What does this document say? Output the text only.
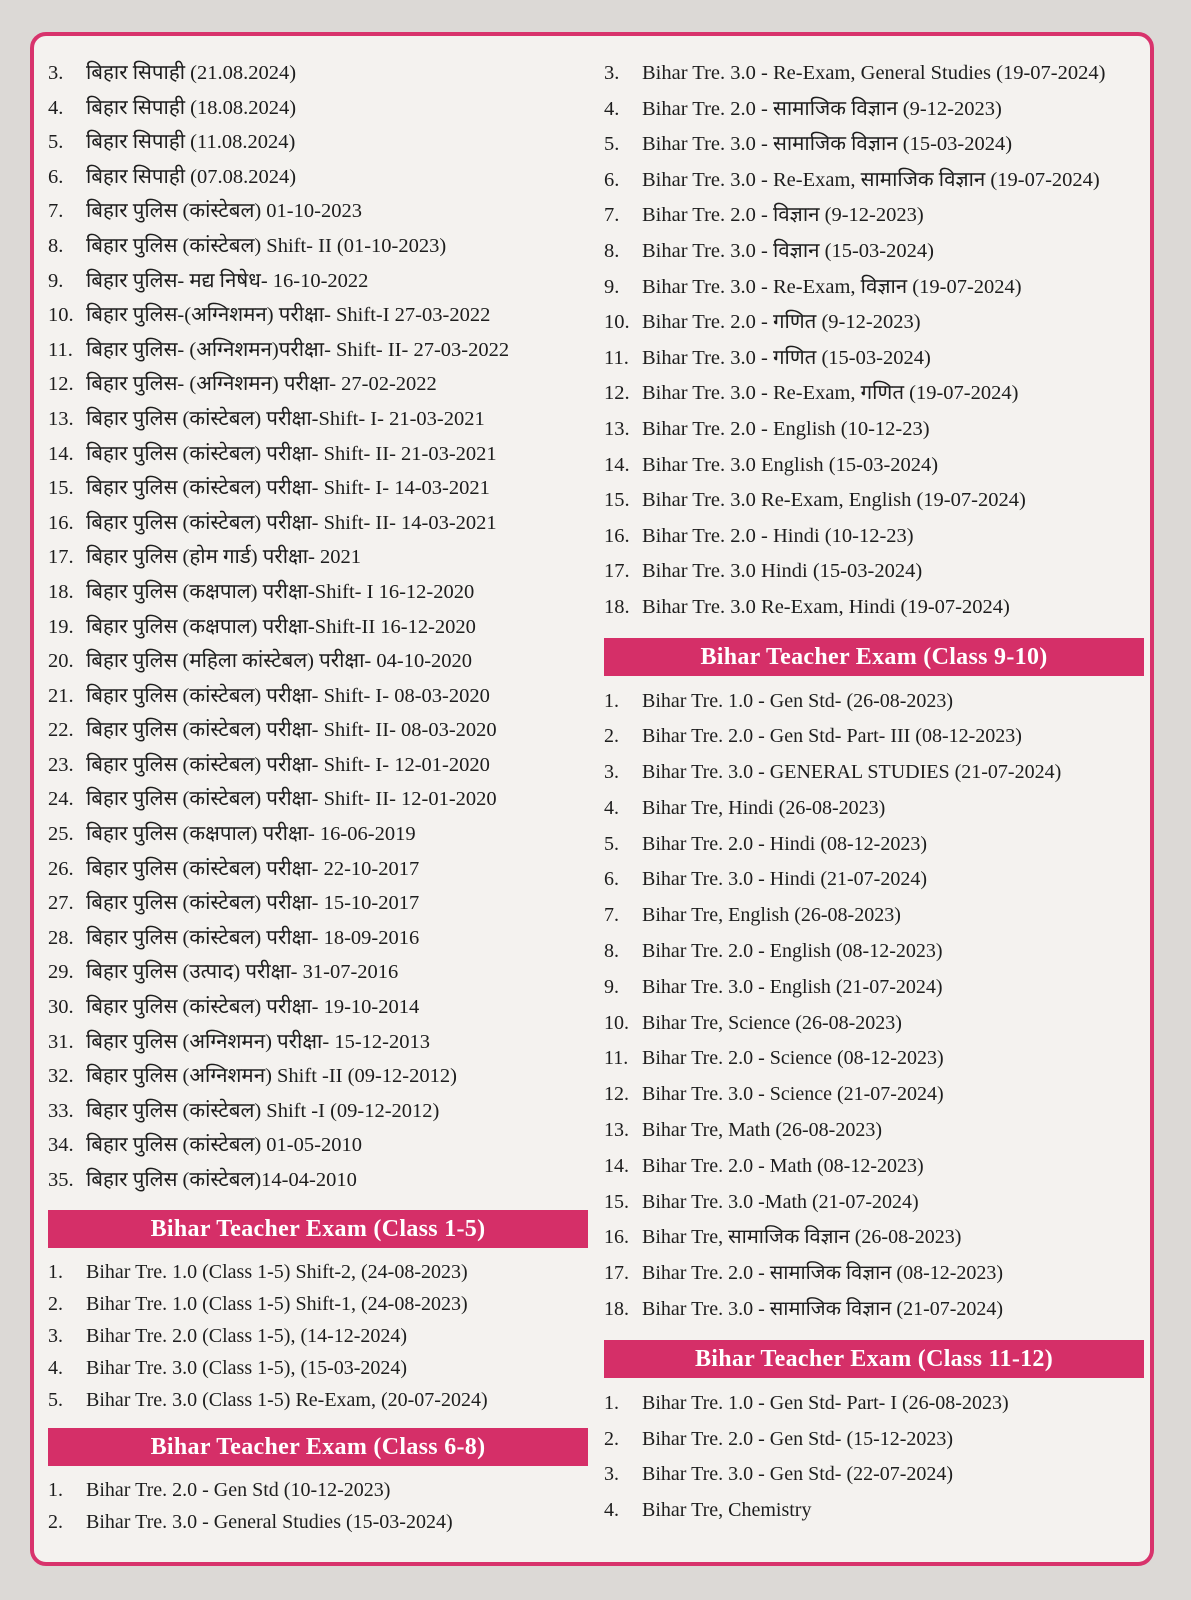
3.	बिहार सिपाही (21.08.2024)
4.	बिहार सिपाही (18.08.2024)
5.	बिहार सिपाही (11.08.2024)
6.	बिहार सिपाही (07.08.2024)
7.	बिहार पुलिस (कांस्टेबल) 01-10-2023
8.	बिहार पुलिस (कांस्टेबल) Shift- II (01-10-2023)
9.	बिहार पुलिस- मद्य निषेध- 16-10-2022
10. बिहार पुलिस-(अग्निशमन) परीक्षा- Shift-I 27-03-2022
11. बिहार पुलिस- (अग्निशमन)परीक्षा- Shift- II- 27-03-2022
12. बिहार पुलिस- (अग्निशमन) परीक्षा- 27-02-2022
13. बिहार पुलिस (कांस्टेबल) परीक्षा-Shift- I- 21-03-2021
14. बिहार पुलिस (कांस्टेबल) परीक्षा- Shift- II- 21-03-2021
15. बिहार पुलिस (कांस्टेबल) परीक्षा- Shift- I- 14-03-2021
16. बिहार पुलिस (कांस्टेबल) परीक्षा- Shift- II- 14-03-2021
17. बिहार पुलिस (होम गार्ड) परीक्षा- 2021
18. बिहार पुलिस (कक्षपाल) परीक्षा-Shift- I 16-12-2020
19. बिहार पुलिस (कक्षपाल) परीक्षा-Shift-II 16-12-2020
20. बिहार पुलिस (महिला कांस्टेबल) परीक्षा- 04-10-2020
21. बिहार पुलिस (कांस्टेबल) परीक्षा- Shift- I- 08-03-2020
22. बिहार पुलिस (कांस्टेबल) परीक्षा- Shift- II- 08-03-2020
23. बिहार पुलिस (कांस्टेबल) परीक्षा- Shift- I- 12-01-2020
24. बिहार पुलिस (कांस्टेबल) परीक्षा- Shift- II- 12-01-2020
25. बिहार पुलिस (कक्षपाल) परीक्षा- 16-06-2019
26. बिहार पुलिस (कांस्टेबल) परीक्षा- 22-10-2017
27. बिहार पुलिस (कांस्टेबल) परीक्षा- 15-10-2017
28. बिहार पुलिस (कांस्टेबल) परीक्षा- 18-09-2016
29. बिहार पुलिस (उत्पाद) परीक्षा- 31-07-2016
30. बिहार पुलिस (कांस्टेबल) परीक्षा- 19-10-2014
31. बिहार पुलिस (अग्निशमन) परीक्षा- 15-12-2013
32. बिहार पुलिस (अग्निशमन) Shift -II (09-12-2012)
33. बिहार पुलिस (कांस्टेबल) Shift -I (09-12-2012)
34. बिहार पुलिस (कांस्टेबल) 01-05-2010
35. बिहार पुलिस (कांस्टेबल)14-04-2010
Bihar Teacher Exam (Class 1-5)
1.	Bihar Tre. 1.0 (Class 1-5) Shift-2, (24-08-2023)
2.	Bihar Tre. 1.0 (Class 1-5) Shift-1, (24-08-2023)
3.	Bihar Tre. 2.0 (Class 1-5), (14-12-2024)
4.	Bihar Tre. 3.0 (Class 1-5), (15-03-2024)
5.	Bihar Tre. 3.0 (Class 1-5) Re-Exam, (20-07-2024)
Bihar Teacher Exam (Class 6-8)
1.	Bihar Tre. 2.0 - Gen Std (10-12-2023)
2.	Bihar Tre. 3.0 - General Studies (15-03-2024)
3.	Bihar Tre. 3.0 - Re-Exam, General Studies (19-07-2024)
4.	Bihar Tre. 2.0 - सामाजिक विज्ञान (9-12-2023)
5.	Bihar Tre. 3.0 - सामाजिक विज्ञान (15-03-2024)
6.	Bihar Tre. 3.0 - Re-Exam, सामाजिक विज्ञान (19-07-2024)
7.	Bihar Tre. 2.0 - विज्ञान (9-12-2023)
8.	Bihar Tre. 3.0 - विज्ञान (15-03-2024)
9.	Bihar Tre. 3.0 - Re-Exam, विज्ञान (19-07-2024)
10. Bihar Tre. 2.0 - गणित (9-12-2023)
11. Bihar Tre. 3.0 - गणित (15-03-2024)
12. Bihar Tre. 3.0 - Re-Exam, गणित (19-07-2024)
13. Bihar Tre. 2.0 - English (10-12-23)
14. Bihar Tre. 3.0 English (15-03-2024)
15. Bihar Tre. 3.0 Re-Exam, English (19-07-2024)
16. Bihar Tre. 2.0 - Hindi (10-12-23)
17. Bihar Tre. 3.0 Hindi (15-03-2024)
18. Bihar Tre. 3.0 Re-Exam, Hindi (19-07-2024)
Bihar Teacher Exam (Class 9-10)
1.	Bihar Tre. 1.0 - Gen Std- (26-08-2023)
2.	Bihar Tre. 2.0 - Gen Std- Part- III (08-12-2023)
3.	Bihar Tre. 3.0 - GENERAL STUDIES (21-07-2024)
4.	Bihar Tre, Hindi (26-08-2023)
5.	Bihar Tre. 2.0 - Hindi (08-12-2023)
6.	Bihar Tre. 3.0 - Hindi (21-07-2024)
7.	Bihar Tre, English (26-08-2023)
8.	Bihar Tre. 2.0 - English (08-12-2023)
9.	Bihar Tre. 3.0 - English (21-07-2024)
10. Bihar Tre, Science (26-08-2023)
11. Bihar Tre. 2.0 - Science (08-12-2023)
12. Bihar Tre. 3.0 - Science (21-07-2024)
13. Bihar Tre, Math (26-08-2023)
14. Bihar Tre. 2.0 - Math (08-12-2023)
15. Bihar Tre. 3.0 -Math (21-07-2024)
16. Bihar Tre, सामाजिक विज्ञान (26-08-2023)
17. Bihar Tre. 2.0 - सामाजिक विज्ञान (08-12-2023)
18. Bihar Tre. 3.0 - सामाजिक विज्ञान (21-07-2024)
Bihar Teacher Exam (Class 11-12)
1.	Bihar Tre. 1.0 - Gen Std- Part- I (26-08-2023)
2.	Bihar Tre. 2.0 - Gen Std- (15-12-2023)
3.	Bihar Tre. 3.0 - Gen Std- (22-07-2024)
4.	Bihar Tre, Chemistry
